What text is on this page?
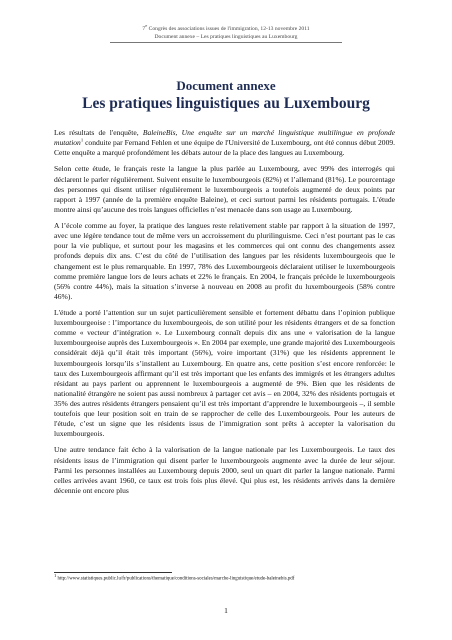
7e Congrès des associations issues de l'immigration, 12-13 novembre 2011
Document annexe – Les pratiques linguistiques au Luxembourg
Document annexe
Les pratiques linguistiques au Luxembourg

Les résultats de l'enquête, BaleineBis, Une enquête sur un marché linguistique multilingue en profonde mutation$^1$ conduite par Fernand Fehlen et une équipe de l'Université de Luxembourg, ont été connus début 2009. Cette enquête a marqué profondément les débats autour de la place des langues au Luxembourg.

Selon cette étude, le français reste la langue la plus parlée au Luxembourg, avec 99% des interrogés qui déclarent le parler régulièrement. Suivent ensuite le luxembourgeois (82%) et l’allemand (81%). Le pourcentage des personnes qui disent utiliser régulièrement le luxembourgeois a toutefois augmenté de deux points par rapport à 1997 (année de la première enquête Baleine), et ceci surtout parmi les résidents portugais. L'étude montre ainsi qu’aucune des trois langues officielles n’est menacée dans son usage au Luxembourg.

A l’école comme au foyer, la pratique des langues reste relativement stable par rapport à la situation de 1997, avec une légère tendance tout de même vers un accroissement du plurilinguisme. Ceci n’est pourtant pas le cas pour la vie publique, et surtout pour les magasins et les commerces qui ont connu des changements assez profonds depuis dix ans. C’est du côté de l’utilisation des langues par les résidents luxembourgeois que le changement est le plus remarquable. En 1997, 78% des Luxembourgeois déclaraient utiliser le luxembourgeois comme première langue lors de leurs achats et 22% le français. En 2004, le français précède le luxembourgeois (56% contre 44%), mais la situation s’inverse à nouveau en 2008 au profit du luxembourgeois (58% contre 46%).

L'étude a porté l’attention sur un sujet particulièrement sensible et fortement débattu dans l’opinion publique luxembourgeoise : l’importance du luxembourgeois, de son utilité pour les résidents étrangers et de sa fonction comme « vecteur d’intégration ». Le Luxembourg connaît depuis dix ans une « valorisation de la langue luxembourgeoise auprès des Luxembourgeois ». En 2004 par exemple, une grande majorité des Luxembourgeois considérait déjà qu’il était très important (56%), voire important (31%) que les résidents apprennent le luxembourgeois lorsqu’ils s’installent au Luxembourg. En quatre ans, cette position s’est encore renforcée: le taux des Luxembourgeois affirmant qu’il est très important que les enfants des immigrés et les étrangers adultes résidant au pays parlent ou apprennent le luxembourgeois a augmenté de 9%. Bien que les résidents de nationalité étrangère ne soient pas aussi nombreux à partager cet avis – en 2004, 32% des résidents portugais et 35% des autres résidents étrangers pensaient qu’il est très important d’apprendre le luxembourgeois –, il semble toutefois que leur position soit en train de se rapprocher de celle des Luxembourgeois. Pour les auteurs de l'étude, c’est un signe que les résidents issus de l’immigration sont prêts à accepter la valorisation du luxembourgeois.

Une autre tendance fait écho à la valorisation de la langue nationale par les Luxembourgeois. Le taux des résidents issus de l’immigration qui disent parler le luxembourgeois augmente avec la durée de leur séjour. Parmi les personnes installées au Luxembourg depuis 2000, seul un quart dit parler la langue nationale. Parmi celles arrivées avant 1960, ce taux est trois fois plus élevé. Qui plus est, les résidents arrivés dans la dernière décennie ont encore plus

$^1$ http://www.statistiques.public.lu/fr/publications/thematique/conditions-sociales/marche-linguistique/etude-baleinebis.pdf
1
